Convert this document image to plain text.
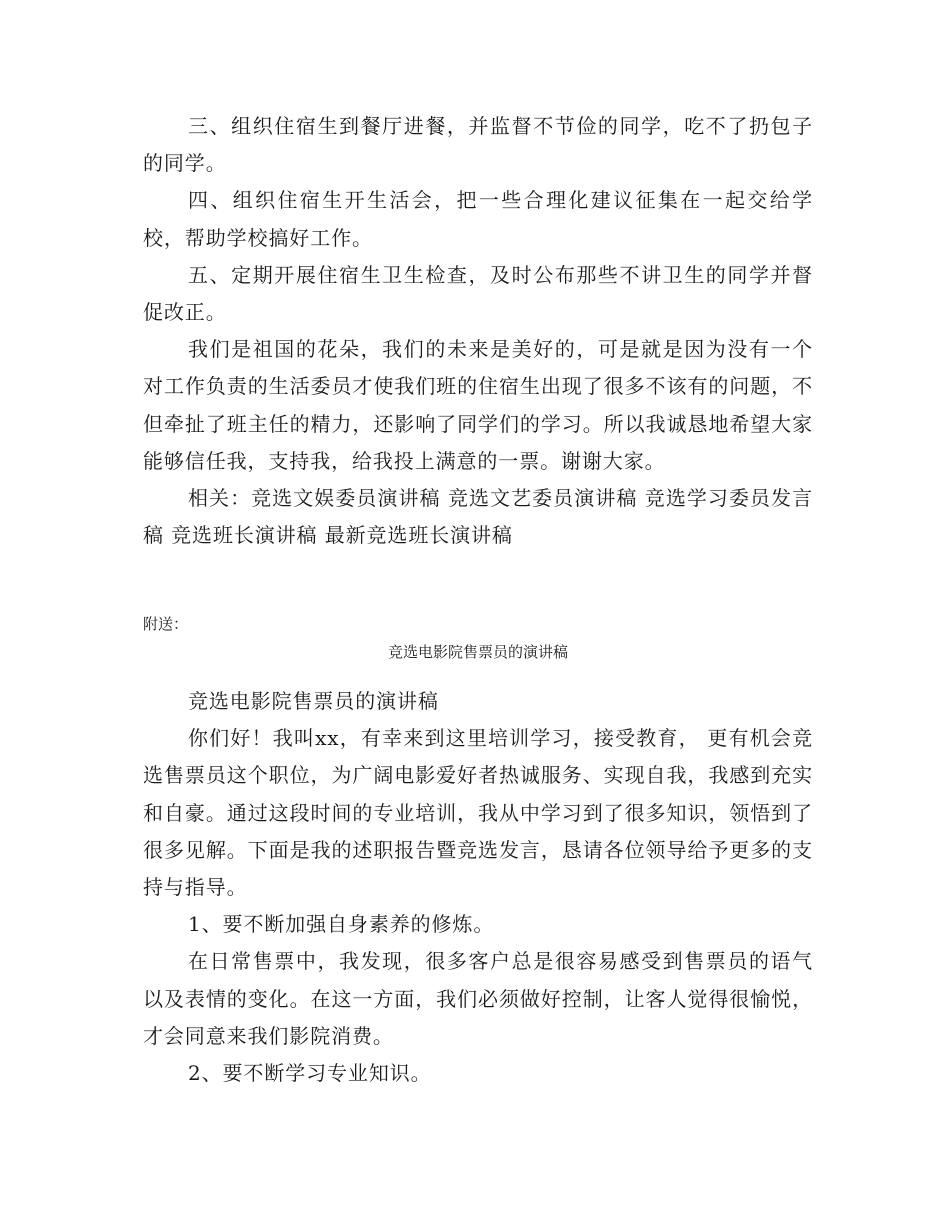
三、组织住宿生到餐厅进餐，并监督不节俭的同学，吃不了扔包子的同学。

四、组织住宿生开生活会，把一些合理化建议征集在一起交给学校，帮助学校搞好工作。

五、定期开展住宿生卫生检查，及时公布那些不讲卫生的同学并督促改正。

我们是祖国的花朵，我们的未来是美好的，可是就是因为没有一个对工作负责的生活委员才使我们班的住宿生出现了很多不该有的问题，不但牵扯了班主任的精力，还影响了同学们的学习。所以我诚恳地希望大家能够信任我，支持我，给我投上满意的一票。谢谢大家。

相关：竞选文娱委员演讲稿 竞选文艺委员演讲稿 竞选学习委员发言稿 竞选班长演讲稿 最新竞选班长演讲稿

附送：

竞选电影院售票员的演讲稿

竞选电影院售票员的演讲稿

你们好！我叫xx，有幸来到这里培训学习，接受教育， 更有机会竞选售票员这个职位，为广阔电影爱好者热诚服务、实现自我，我感到充实和自豪。通过这段时间的专业培训，我从中学习到了很多知识，领悟到了很多见解。下面是我的述职报告暨竞选发言，恳请各位领导给予更多的支持与指导。

1、要不断加强自身素养的修炼。

在日常售票中，我发现，很多客户总是很容易感受到售票员的语气以及表情的变化。在这一方面，我们必须做好控制，让客人觉得很愉悦，才会同意来我们影院消费。

2、要不断学习专业知识。
